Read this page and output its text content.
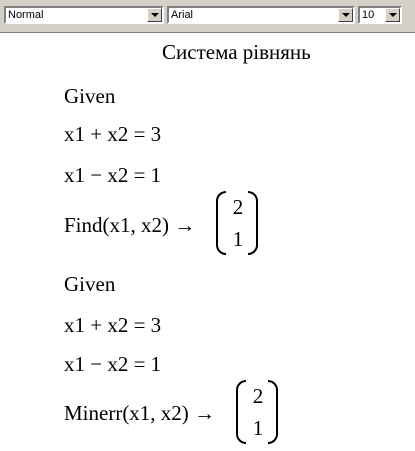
Normal	Arial	10
Система рівнянь
Given
x1 + x2 = 3
x1 − x2 = 1
Find(x1, x2) →
2
1
Given
x1 + x2 = 3
x1 − x2 = 1
Minerr(x1, x2) →
2
1
